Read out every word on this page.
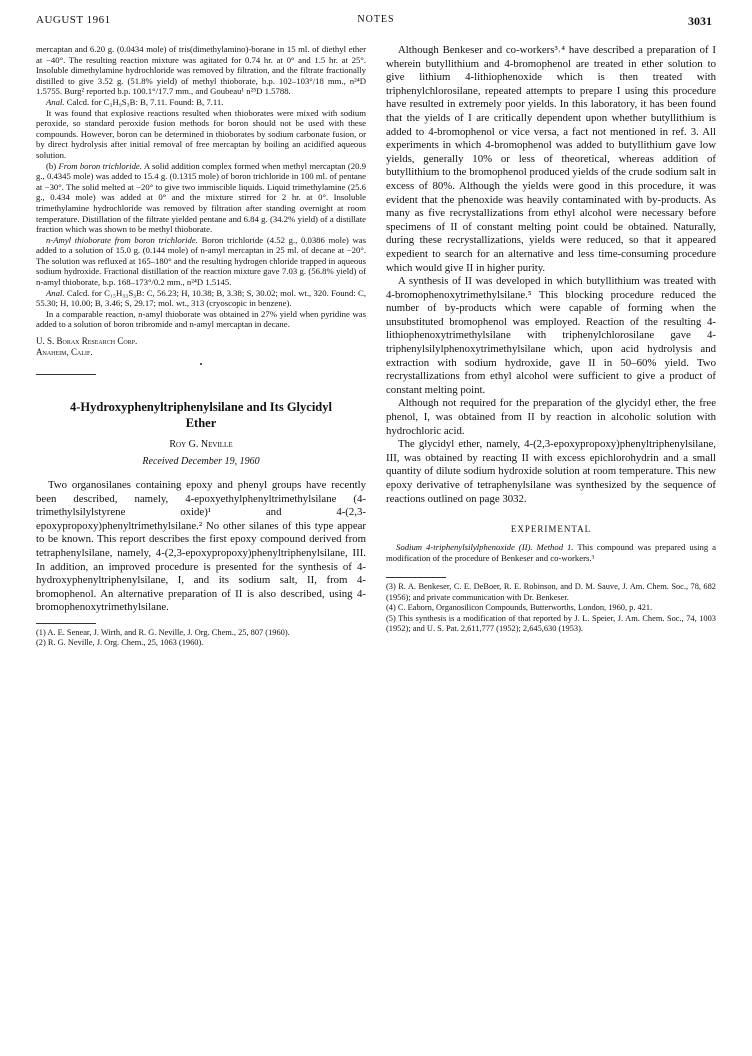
AUGUST 1961	NOTES	3031

mercaptan and 6.20 g. (0.0434 mole) of tris(dimethylamino)-borane in 15 ml. of diethyl ether at −40°. The resulting reaction mixture was agitated for 0.74 hr. at 0° and 1.5 hr. at 25°. Insoluble dimethylamine hydrochloride was removed by filtration, and the filtrate fractionally distilled to give 3.52 g. (51.8% yield) of methyl thioborate, b.p. 102–103°/18 mm., n²⁴D 1.5755. Burg² reported b.p. 100.1°/17.7 mm., and Goubeau¹ n²⁵D 1.5788.

Anal. Calcd. for C₃H₉S₃B: B, 7.11. Found: B, 7.11.

It was found that explosive reactions resulted when thioborates were mixed with sodium peroxide, so standard peroxide fusion methods for boron should not be used with these compounds. However, boron can be determined in thioborates by sodium carbonate fusion, or by direct hydrolysis after initial removal of free mercaptan by boiling an acidified aqueous solution.

(b) From boron trichloride. A solid addition complex formed when methyl mercaptan (20.9 g., 0.4345 mole) was added to 15.4 g. (0.1315 mole) of boron trichloride in 100 ml. of pentane at −30°. The solid melted at −20° to give two immiscible liquids. Liquid trimethylamine (25.6 g., 0.434 mole) was added at 0° and the mixture stirred for 2 hr. at 0°. Insoluble trimethylamine hydrochloride was removed by filtration after standing overnight at room temperature. Distillation of the filtrate yielded pentane and 6.84 g. (34.2% yield) of a distillate fraction which was shown to be methyl thioborate.

n-Amyl thioborate from boron trichloride. Boron trichloride (4.52 g., 0.0386 mole) was added to a solution of 15.0 g. (0.144 mole) of n-amyl mercaptan in 25 ml. of decane at −20°. The solution was refluxed at 165–180° and the resulting hydrogen chloride trapped in aqueous sodium hydroxide. Fractional distillation of the reaction mixture gave 7.03 g. (56.8% yield) of n-amyl thioborate, b.p. 168–173°/0.2 mm., n²⁴D 1.5145.

Anal. Calcd. for C₁₅H₃₃S₃B: C, 56.23; H, 10.38; B, 3.38; S, 30.02; mol. wt., 320. Found: C, 55.30; H, 10.00; B, 3.46; S, 29.17; mol. wt., 313 (cryoscopic in benzene).

In a comparable reaction, n-amyl thioborate was obtained in 27% yield when pyridine was added to a solution of boron tribromide and n-amyl mercaptan in decane.

U. S. Borax Research Corp.
Anaheim, Calif.
•
4-Hydroxyphenyltriphenylsilane and Its Glycidyl Ether
Roy G. Neville
Received December 19, 1960

Two organosilanes containing epoxy and phenyl groups have recently been described, namely, 4-epoxyethylphenyltrimethylsilane (4-trimethylsilylstyrene oxide)¹ and 4-(2,3-epoxypropoxy)phenyltrimethylsilane.² No other silanes of this type appear to be known. This report describes the first epoxy compound derived from tetraphenylsilane, namely, 4-(2,3-epoxypropoxy)phenyltriphenylsilane, III. In addition, an improved procedure is presented for the synthesis of 4-hydroxyphenyltriphenylsilane, I, and its sodium salt, II, from 4-bromophenol. An alternative preparation of II is also described, using 4-bromophenoxytrimethylsilane.

(1) A. E. Senear, J. Wirth, and R. G. Neville, J. Org. Chem., 25, 807 (1960).

(2) R. G. Neville, J. Org. Chem., 25, 1063 (1960).

Although Benkeser and co-workers³˒⁴ have described a preparation of I wherein butyllithium and 4-bromophenol are treated in ether solution to give lithium 4-lithiophenoxide which is then treated with triphenylchlorosilane, repeated attempts to prepare I using this procedure have resulted in extremely poor yields. In this laboratory, it has been found that the yields of I are critically dependent upon whether butyllithium is added to 4-bromophenol or vice versa, a fact not mentioned in ref. 3. All experiments in which 4-bromophenol was added to butyllithium gave low yields, generally 10% or less of theoretical, whereas addition of butyllithium to the bromophenol produced yields of the crude sodium salt in excess of 80%. Although the yields were good in this procedure, it was evident that the phenoxide was heavily contaminated with by-products. As many as five recrystallizations from ethyl alcohol were necessary before specimens of II of constant melting point could be obtained. Naturally, during these recrystallizations, yields were reduced, so that it appeared expedient to search for an alternative and less time-consuming procedure which would give II in higher purity.

A synthesis of II was developed in which butyllithium was treated with 4-bromophenoxytrimethylsilane.⁵ This blocking procedure reduced the number of by-products which were capable of forming when the unsubstituted bromophenol was employed. Reaction of the resulting 4-lithiophenoxytrimethylsilane with triphenylchlorosilane gave 4-triphenylsilylphenoxytrimethylsilane which, upon acid hydrolysis and extraction with sodium hydroxide, gave II in 50–60% yield. Two recrystallizations from ethyl alcohol were sufficient to give a product of constant melting point.

Although not required for the preparation of the glycidyl ether, the free phenol, I, was obtained from II by reaction in alcoholic solution with hydrochloric acid.

The glycidyl ether, namely, 4-(2,3-epoxypropoxy)phenyltriphenylsilane, III, was obtained by reacting II with excess epichlorohydrin and a small quantity of dilute sodium hydroxide solution at room temperature. This new epoxy derivative of tetraphenylsilane was synthesized by the sequence of reactions outlined on page 3032.

EXPERIMENTAL

Sodium 4-triphenylsilylphenoxide (II). Method 1. This compound was prepared using a modification of the procedure of Benkeser and co-workers.³

(3) R. A. Benkeser, C. E. DeBoer, R. E. Robinson, and D. M. Sauve, J. Am. Chem. Soc., 78, 682 (1956); and private communication with Dr. Benkeser.

(4) C. Eaborn, Organosilicon Compounds, Butterworths, London, 1960, p. 421.

(5) This synthesis is a modification of that reported by J. L. Speier, J. Am. Chem. Soc., 74, 1003 (1952); and U. S. Pat. 2,611,777 (1952); 2,645,630 (1953).
